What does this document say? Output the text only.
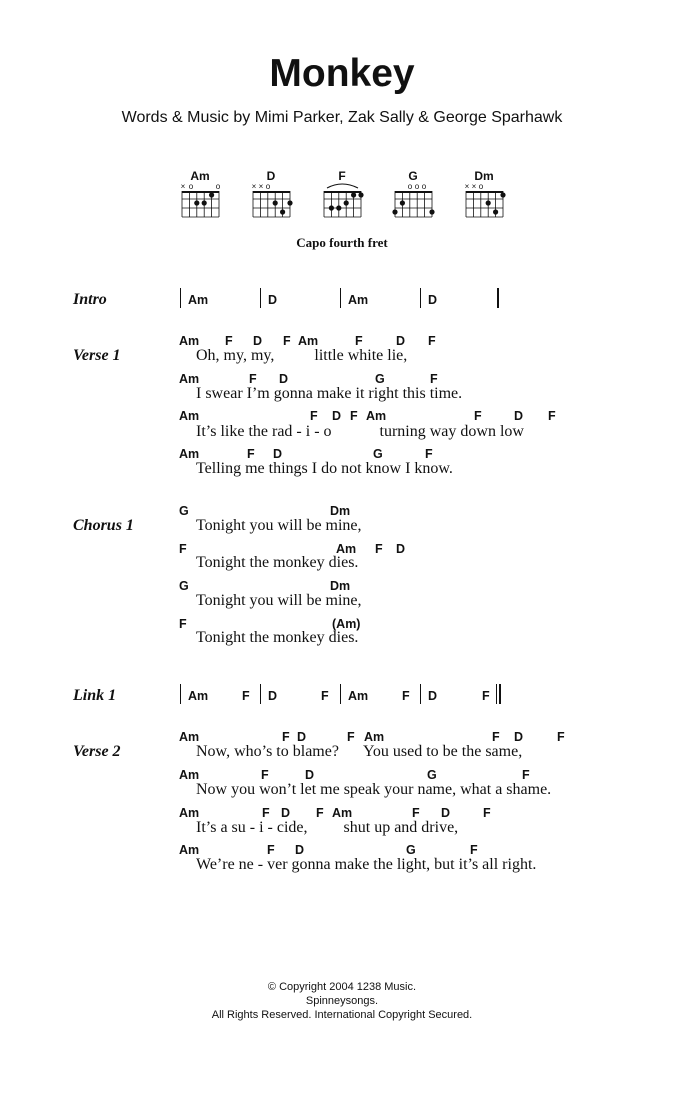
Monkey
Words & Music by Mimi Parker, Zak Sally & George Sparhawk
Am
× o	o
D
× × o
F	G
o o o
Dm
× × o
Capo fourth fret
Intro	Am	D	Am	D
Verse 1
Am F D F Am	F	D F
Oh, my, my,          little white lie,
Am	F D	G	F
I swear I’m gonna make it right this time.
Am	F D F Am	F	D F
It’s like the rad - i - o            turning way down low
Am	F D	G	F
Telling me things I do not know I know.
Chorus 1
G	Dm
Tonight you will be mine,
F	Am F D
Tonight the monkey dies.
G	Dm
Tonight you will be mine,
F	(Am)
Tonight the monkey dies.
Link 1	Am	F D	F Am	F D	F
Verse 2
Am	F D	F Am	F D	F
Now, who’s to blame?      You used to be the same,
Am	F	D	G	F
Now you won’t let me speak your name, what a shame.
Am	F D F Am	F D	F
It’s a su - i - cide,         shut up and drive,
Am	F D	G	F
We’re ne - ver gonna make the light, but it’s all right.
© Copyright 2004 1238 Music.
Spinneysongs.
All Rights Reserved. International Copyright Secured.
